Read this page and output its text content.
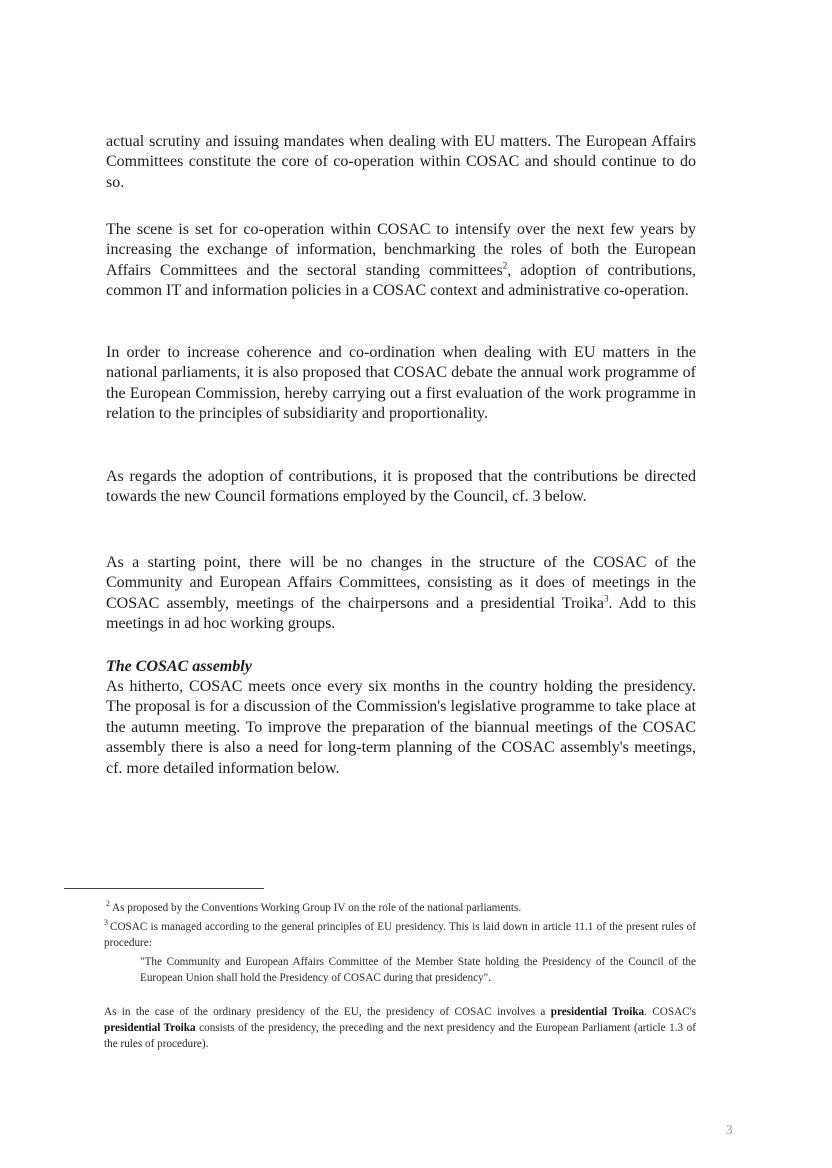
actual scrutiny and issuing mandates when dealing with EU matters. The European Affairs Committees constitute the core of co-operation within COSAC and should continue to do so.

The scene is set for co-operation within COSAC to intensify over the next few years by increasing the exchange of information, benchmarking the roles of both the European Affairs Committees and the sectoral standing committees$^2$, adoption of contributions, common IT and information policies in a COSAC context and administrative co-operation.

In order to increase coherence and co-ordination when dealing with EU matters in the national parliaments, it is also proposed that COSAC debate the annual work programme of the European Commission, hereby carrying out a first evaluation of the work programme in relation to the principles of subsidiarity and proportionality.

As regards the adoption of contributions, it is proposed that the contributions be directed towards the new Council formations employed by the Council, cf. 3 below.

As a starting point, there will be no changes in the structure of the COSAC of the Community and European Affairs Committees, consisting as it does of meetings in the COSAC assembly, meetings of the chairpersons and a presidential Troika$^3$. Add to this meetings in ad hoc working groups.

The COSAC assembly

As hitherto, COSAC meets once every six months in the country holding the presidency. The proposal is for a discussion of the Commission's legislative programme to take place at the autumn meeting. To improve the preparation of the biannual meetings of the COSAC assembly there is also a need for long-term planning of the COSAC assembly's meetings, cf. more detailed information below.

$^2$ As proposed by the Conventions Working Group IV on the role of the national parliaments.

$^3$ COSAC is managed according to the general principles of EU presidency. This is laid down in article 11.1 of the present rules of procedure:

"The Community and European Affairs Committee of the Member State holding the Presidency of the Council of the European Union shall hold the Presidency of COSAC during that presidency".

As in the case of the ordinary presidency of the EU, the presidency of COSAC involves a presidential Troika. COSAC's presidential Troika consists of the presidency, the preceding and the next presidency and the European Parliament (article 1.3 of the rules of procedure).

3
